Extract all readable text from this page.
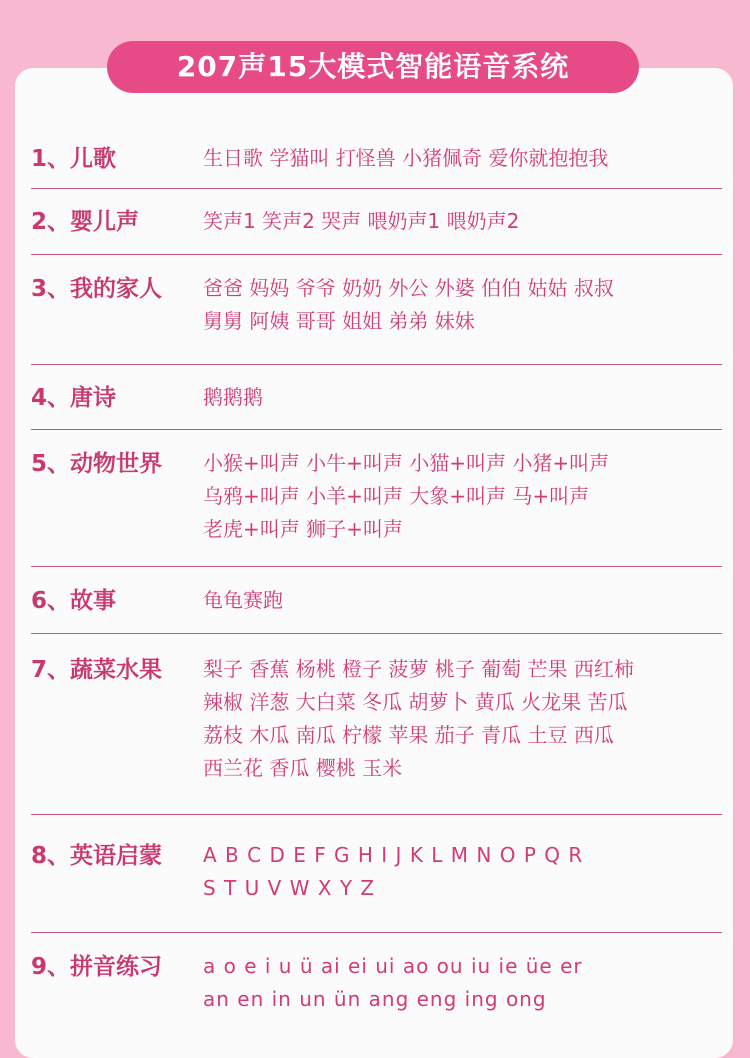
207声15大模式智能语音系统
1、儿歌	生日歌 学猫叫 打怪兽 小猪佩奇 爱你就抱抱我
2、婴儿声	笑声1 笑声2 哭声 喂奶声1 喂奶声2
3、我的家人	爸爸 妈妈 爷爷 奶奶 外公 外婆 伯伯 姑姑 叔叔
舅舅 阿姨 哥哥 姐姐 弟弟 妹妹
4、唐诗	鹅鹅鹅
5、动物世界	小猴+叫声 小牛+叫声 小猫+叫声 小猪+叫声
乌鸦+叫声 小羊+叫声 大象+叫声 马+叫声
老虎+叫声 狮子+叫声
6、故事	龟龟赛跑
7、蔬菜水果	梨子 香蕉 杨桃 橙子 菠萝 桃子 葡萄 芒果 西红柿
辣椒 洋葱 大白菜 冬瓜 胡萝卜 黄瓜 火龙果 苦瓜
荔枝 木瓜 南瓜 柠檬 苹果 茄子 青瓜 土豆 西瓜
西兰花 香瓜 樱桃 玉米
8、英语启蒙	A B C D E F G H I J K L M N O P Q R
S T U V W X Y Z
9、拼音练习	a o e i u ü ai ei ui ao ou iu ie üe er
an en in un ün ang eng ing ong
